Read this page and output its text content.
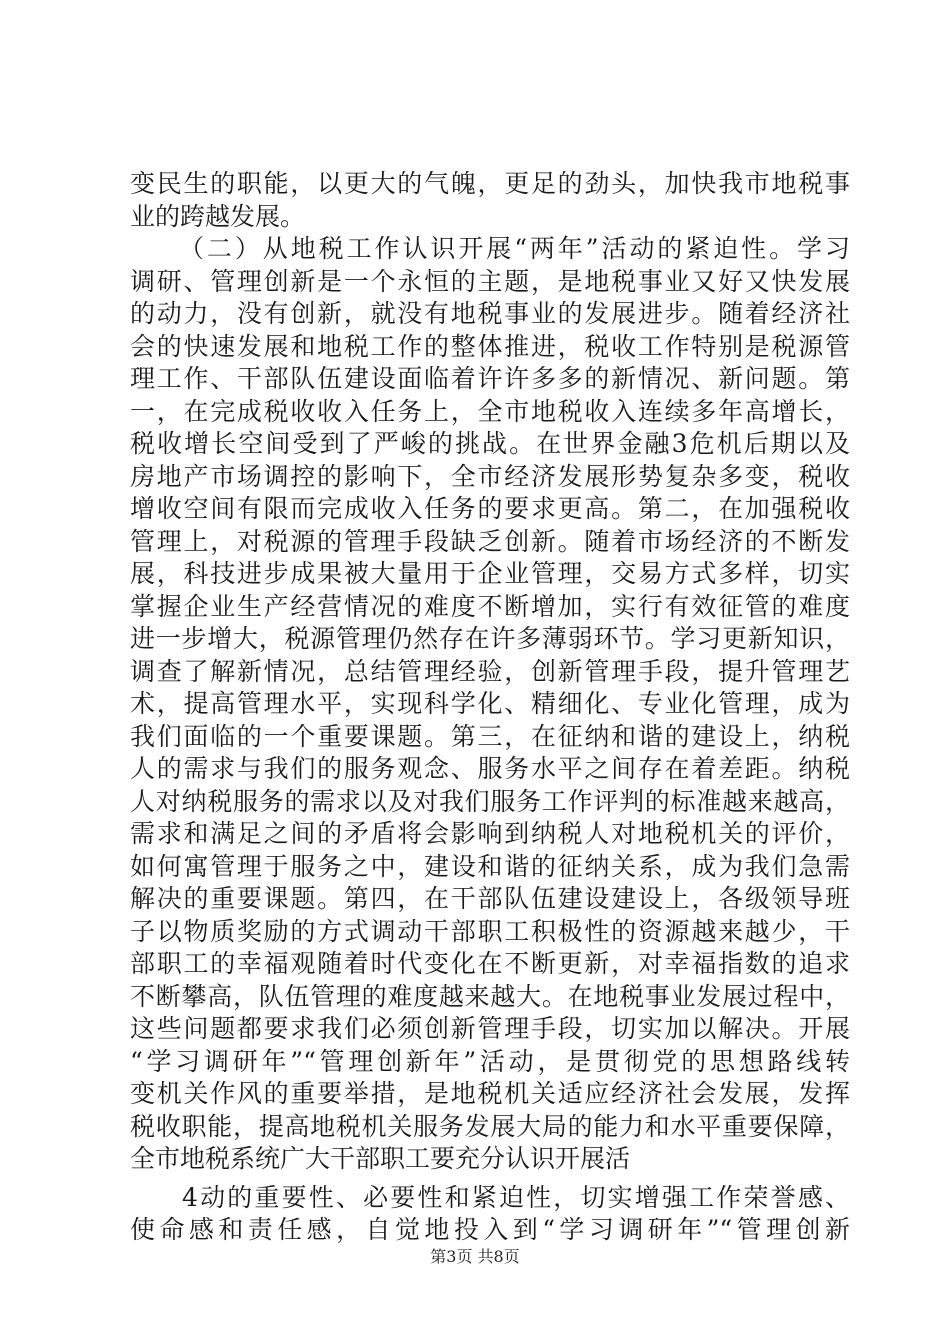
变民生的职能，以更大的气魄，更足的劲头，加快我市地税事
业的跨越发展。
（二）从地税工作认识开展“两年”活动的紧迫性。学习
调研、管理创新是一个永恒的主题，是地税事业又好又快发展
的动力，没有创新，就没有地税事业的发展进步。随着经济社
会的快速发展和地税工作的整体推进，税收工作特别是税源管
理工作、干部队伍建设面临着许许多多的新情况、新问题。第
一，在完成税收收入任务上，全市地税收入连续多年高增长，
税收增长空间受到了严峻的挑战。在世界金融3危机后期以及
房地产市场调控的影响下，全市经济发展形势复杂多变，税收
增收空间有限而完成收入任务的要求更高。第二，在加强税收
管理上，对税源的管理手段缺乏创新。随着市场经济的不断发
展，科技进步成果被大量用于企业管理，交易方式多样，切实
掌握企业生产经营情况的难度不断增加，实行有效征管的难度
进一步增大，税源管理仍然存在许多薄弱环节。学习更新知识，
调查了解新情况，总结管理经验，创新管理手段，提升管理艺
术，提高管理水平，实现科学化、精细化、专业化管理，成为
我们面临的一个重要课题。第三，在征纳和谐的建设上，纳税
人的需求与我们的服务观念、服务水平之间存在着差距。纳税
人对纳税服务的需求以及对我们服务工作评判的标准越来越高，
需求和满足之间的矛盾将会影响到纳税人对地税机关的评价，
如何寓管理于服务之中，建设和谐的征纳关系，成为我们急需
解决的重要课题。第四，在干部队伍建设建设上，各级领导班
子以物质奖励的方式调动干部职工积极性的资源越来越少，干
部职工的幸福观随着时代变化在不断更新，对幸福指数的追求
不断攀高，队伍管理的难度越来越大。在地税事业发展过程中，
这些问题都要求我们必须创新管理手段，切实加以解决。开展
“学习调研年”“管理创新年”活动，是贯彻党的思想路线转
变机关作风的重要举措，是地税机关适应经济社会发展，发挥
税收职能，提高地税机关服务发展大局的能力和水平重要保障，
全市地税系统广大干部职工要充分认识开展活
4动的重要性、必要性和紧迫性，切实增强工作荣誉感、
使命感和责任感，自觉地投入到“学习调研年”“管理创新
第3页 共8页
